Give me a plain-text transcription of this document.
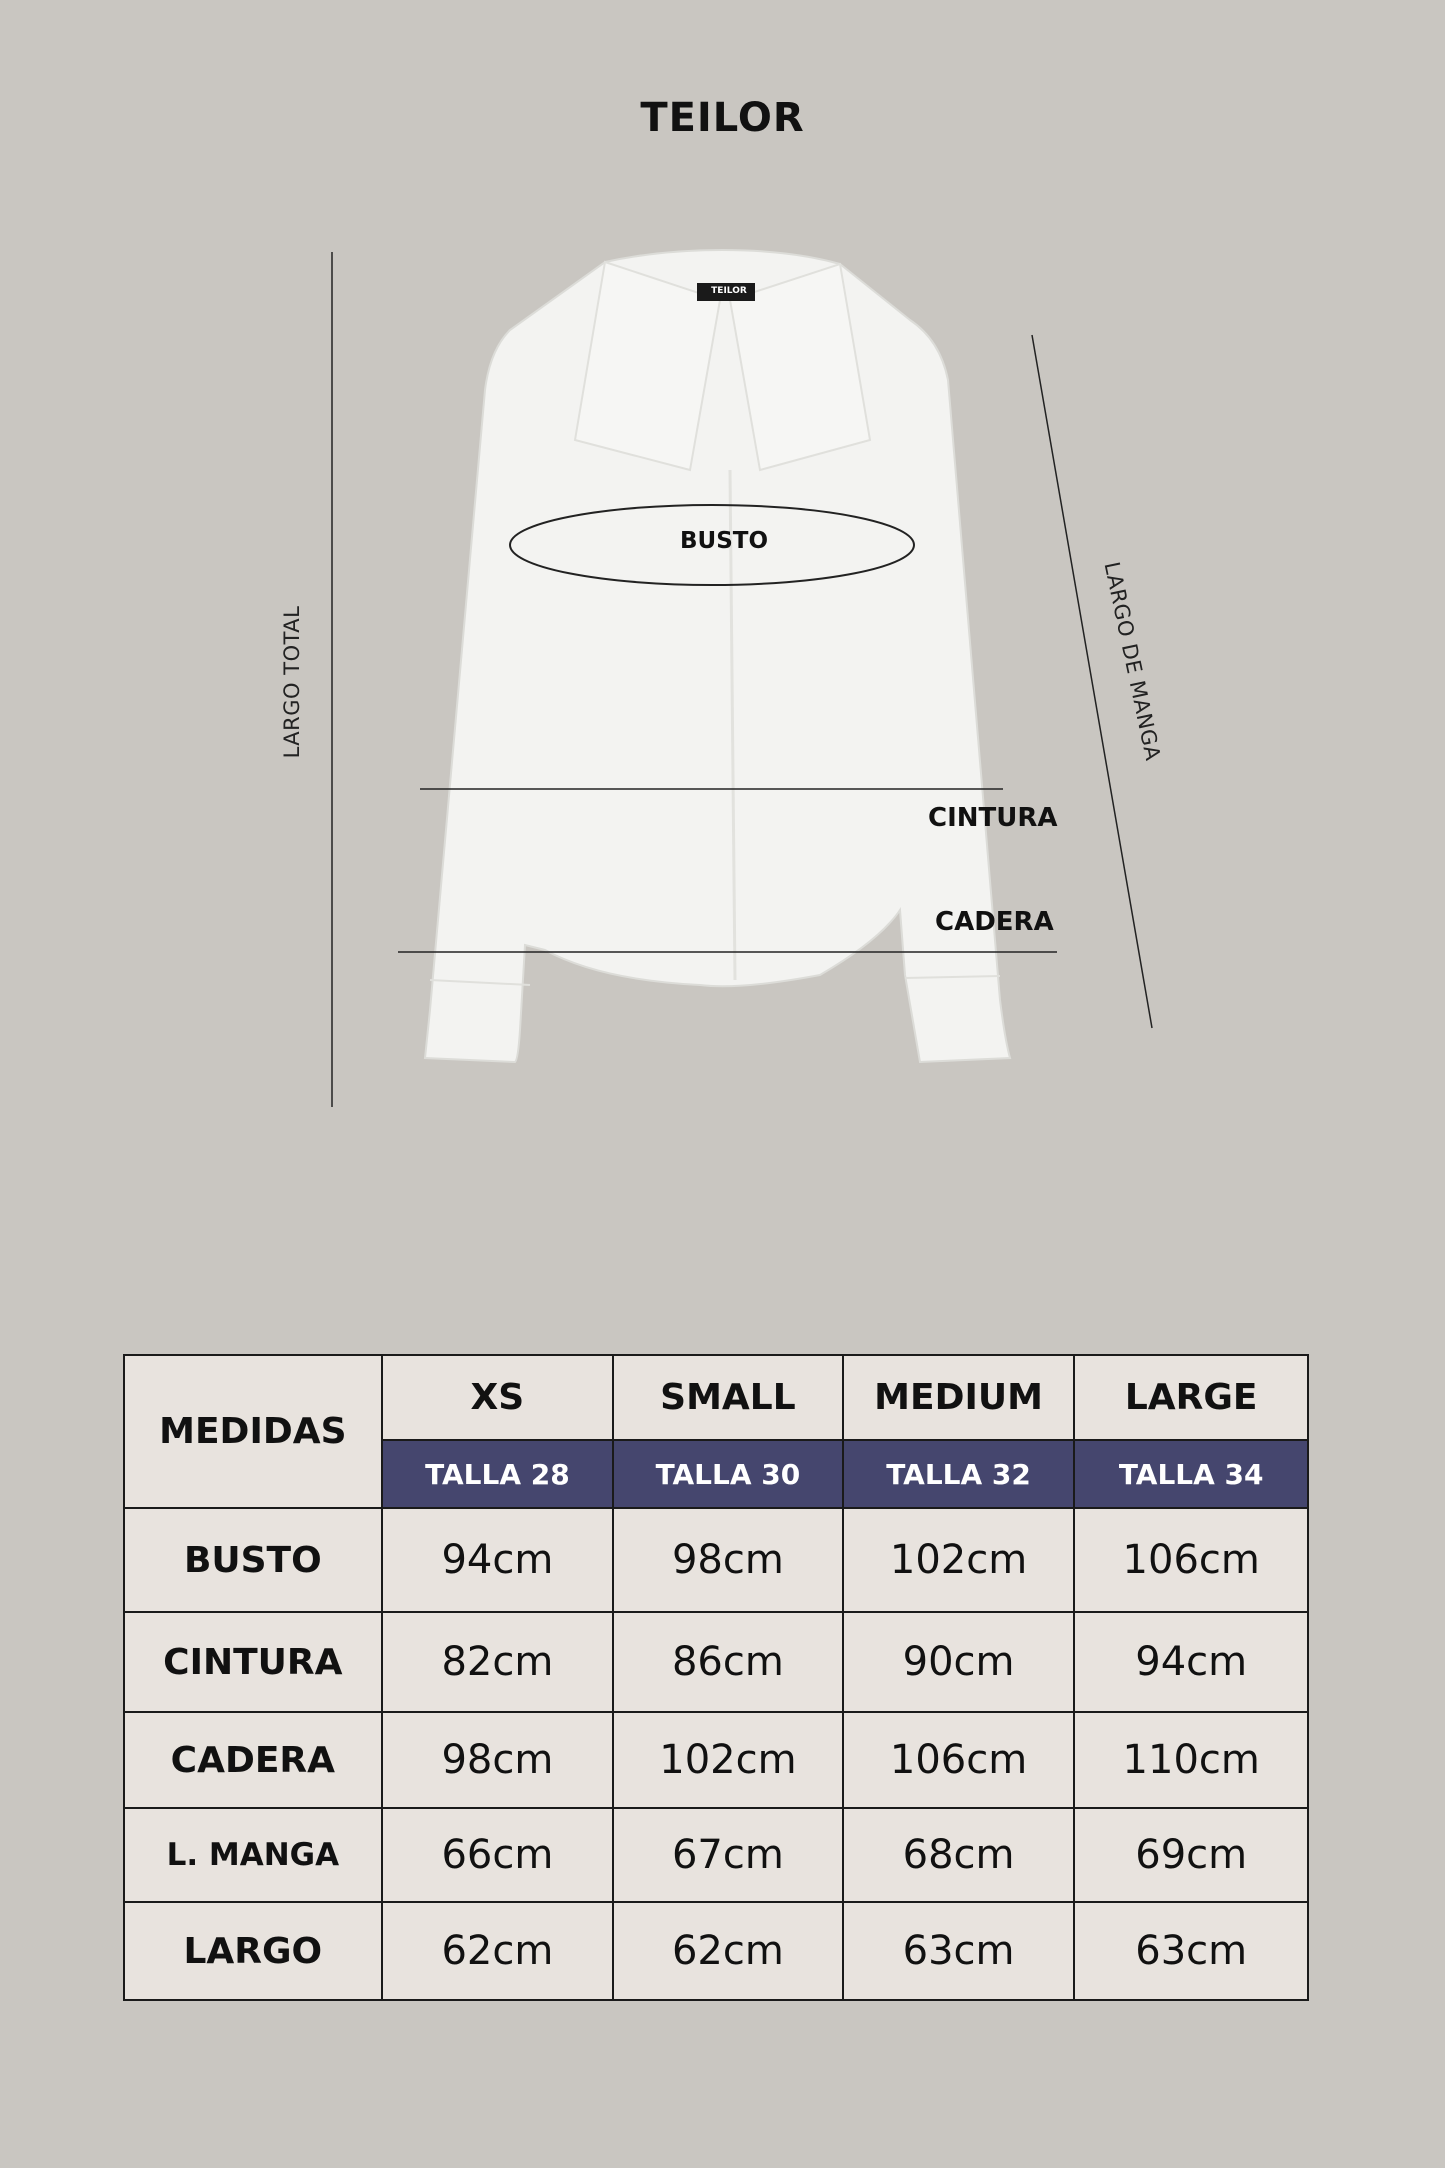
TEILOR
TEILOR
BUSTO
CINTURA
CADERA
LARGO TOTAL	LARGO DE MANGA
MEDIDAS	XS	SMALL	MEDIUM	LARGE
	TALLA 28	TALLA 30	TALLA 32	TALLA 34
BUSTO	94cm	98cm	102cm	106cm
CINTURA	82cm	86cm	90cm	94cm
CADERA	98cm	102cm	106cm	110cm
L. MANGA	66cm	67cm	68cm	69cm
LARGO	62cm	62cm	63cm	63cm
